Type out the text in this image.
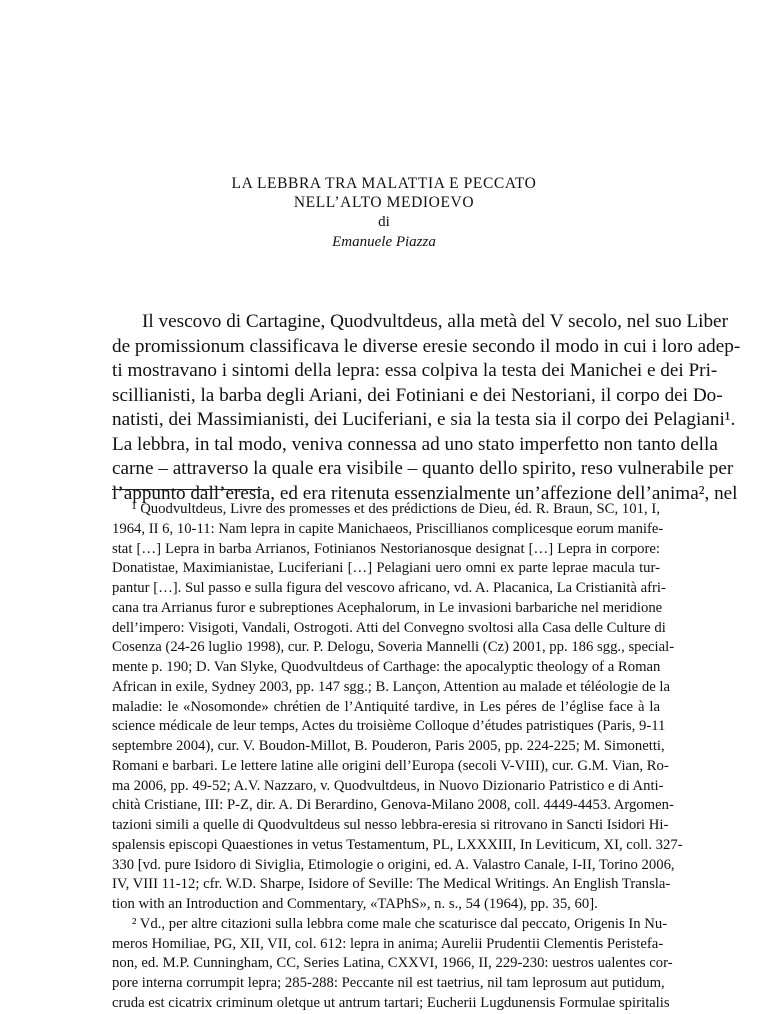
LA LEBBRA TRA MALATTIA E PECCATO
NELL’ALTO MEDIOEVO
di
Emanuele Piazza
Il vescovo di Cartagine, Quodvultdeus, alla metà del V secolo, nel suo Liber
de promissionum classificava le diverse eresie secondo il modo in cui i loro adep-
ti mostravano i sintomi della lepra: essa colpiva la testa dei Manichei e dei Pri-
scillianisti, la barba degli Ariani, dei Fotiniani e dei Nestoriani, il corpo dei Do-
natisti, dei Massimianisti, dei Luciferiani, e sia la testa sia il corpo dei Pelagiani¹.
La lebbra, in tal modo, veniva connessa ad uno stato imperfetto non tanto della
carne – attraverso la quale era visibile – quanto dello spirito, reso vulnerabile per
l’appunto dall’eresia, ed era ritenuta essenzialmente un’affezione dell’anima², nel
¹ Quodvultdeus, Livre des promesses et des prédictions de Dieu, éd. R. Braun, SC, 101, I,
1964, II 6, 10-11: Nam lepra in capite Manichaeos, Priscillianos complicesque eorum manife-
stat […] Lepra in barba Arrianos, Fotinianos Nestorianosque designat […] Lepra in corpore:
Donatistae, Maximianistae, Luciferiani […] Pelagiani uero omni ex parte leprae macula tur-
pantur […]. Sul passo e sulla figura del vescovo africano, vd. A. Placanica, La Cristianità afri-
cana tra Arrianus furor e subreptiones Acephalorum, in Le invasioni barbariche nel meridione
dell’impero: Visigoti, Vandali, Ostrogoti. Atti del Convegno svoltosi alla Casa delle Culture di
Cosenza (24-26 luglio 1998), cur. P. Delogu, Soveria Mannelli (Cz) 2001, pp. 186 sgg., special-
mente p. 190; D. Van Slyke, Quodvultdeus of Carthage: the apocalyptic theology of a Roman
African in exile, Sydney 2003, pp. 147 sgg.; B. Lançon, Attention au malade et téléologie de la
maladie: le «Nosomonde» chrétien de l’Antiquité tardive, in Les péres de l’église face à la
science médicale de leur temps, Actes du troisième Colloque d’études patristiques (Paris, 9-11
septembre 2004), cur. V. Boudon-Millot, B. Pouderon, Paris 2005, pp. 224-225; M. Simonetti,
Romani e barbari. Le lettere latine alle origini dell’Europa (secoli V-VIII), cur. G.M. Vian, Ro-
ma 2006, pp. 49-52; A.V. Nazzaro, v. Quodvultdeus, in Nuovo Dizionario Patristico e di Anti-
chità Cristiane, III: P-Z, dir. A. Di Berardino, Genova-Milano 2008, coll. 4449-4453. Argomen-
tazioni simili a quelle di Quodvultdeus sul nesso lebbra-eresia si ritrovano in Sancti Isidori Hi-
spalensis episcopi Quaestiones in vetus Testamentum, PL, LXXXIII, In Leviticum, XI, coll. 327-
330 [vd. pure Isidoro di Siviglia, Etimologie o origini, ed. A. Valastro Canale, I-II, Torino 2006,
IV, VIII 11-12; cfr. W.D. Sharpe, Isidore of Seville: The Medical Writings. An English Transla-
tion with an Introduction and Commentary, «TAPhS», n. s., 54 (1964), pp. 35, 60].
² Vd., per altre citazioni sulla lebbra come male che scaturisce dal peccato, Origenis In Nu-
meros Homiliae, PG, XII, VII, col. 612: lepra in anima; Aurelii Prudentii Clementis Peristefa-
non, ed. M.P. Cunningham, CC, Series Latina, CXXVI, 1966, II, 229-230: uestros ualentes cor-
pore interna corrumpit lepra; 285-288: Peccante nil est taetrius, nil tam leprosum aut putidum,
cruda est cicatrix criminum oletque ut antrum tartari; Eucherii Lugdunensis Formulae spiritalis
